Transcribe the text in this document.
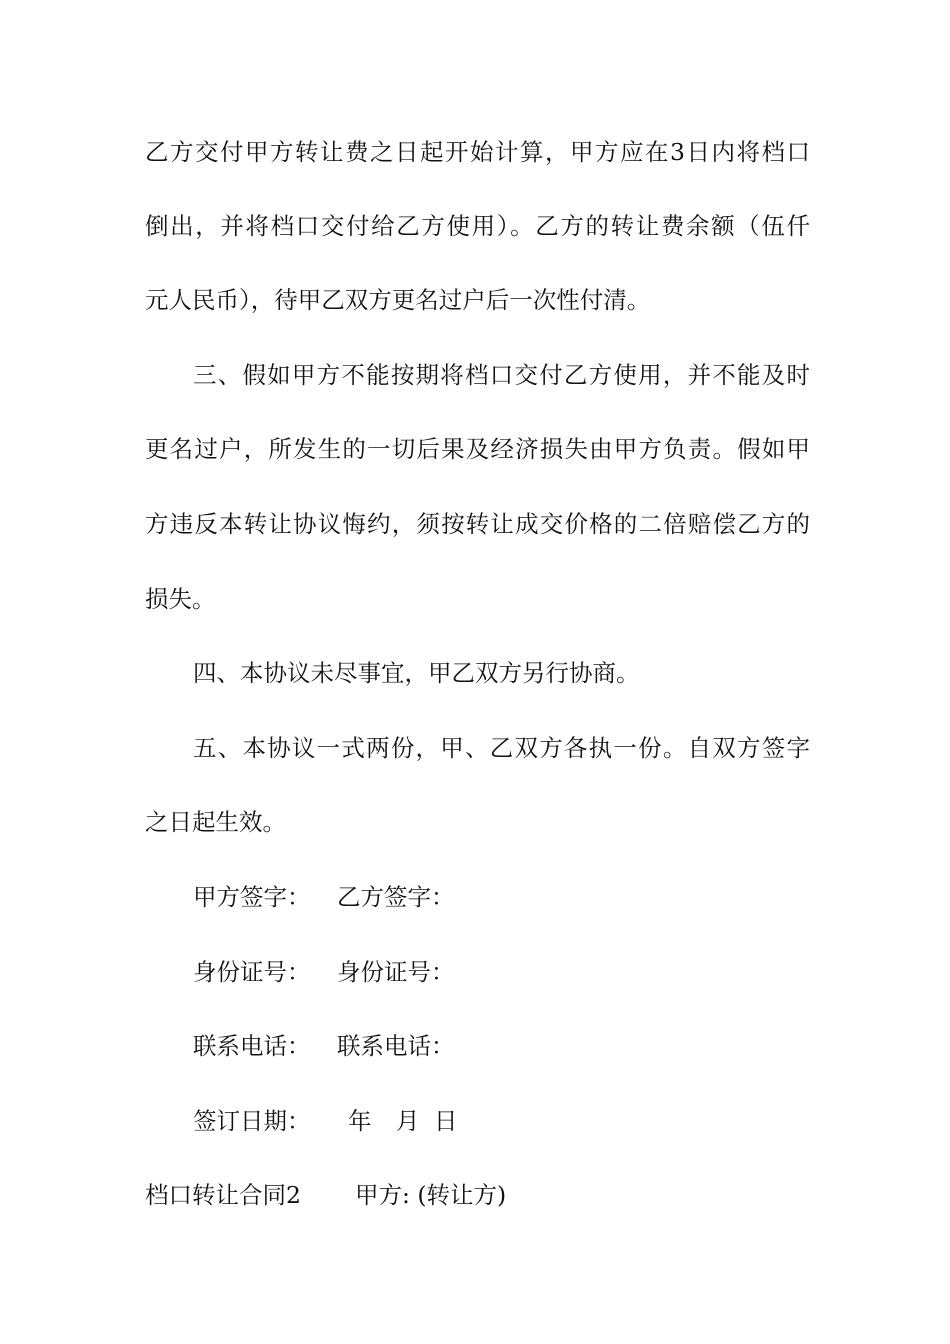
乙方交付甲方转让费之日起开始计算，甲方应在3日内将档口
倒出，并将档口交付给乙方使用）。乙方的转让费余额（伍仟
元人民币），待甲乙双方更名过户后一次性付清。
三、假如甲方不能按期将档口交付乙方使用，并不能及时
更名过户，所发生的一切后果及经济损失由甲方负责。假如甲
方违反本转让协议悔约，须按转让成交价格的二倍赔偿乙方的
损失。
四、本协议未尽事宜，甲乙双方另行协商。
五、本协议一式两份，甲、乙双方各执一份。自双方签字
之日起生效。
甲方签字： 乙方签字：
身份证号： 身份证号：
联系电话： 联系电话：
签订日期： 年 月 日
档口转让合同2 甲方: (转让方)
